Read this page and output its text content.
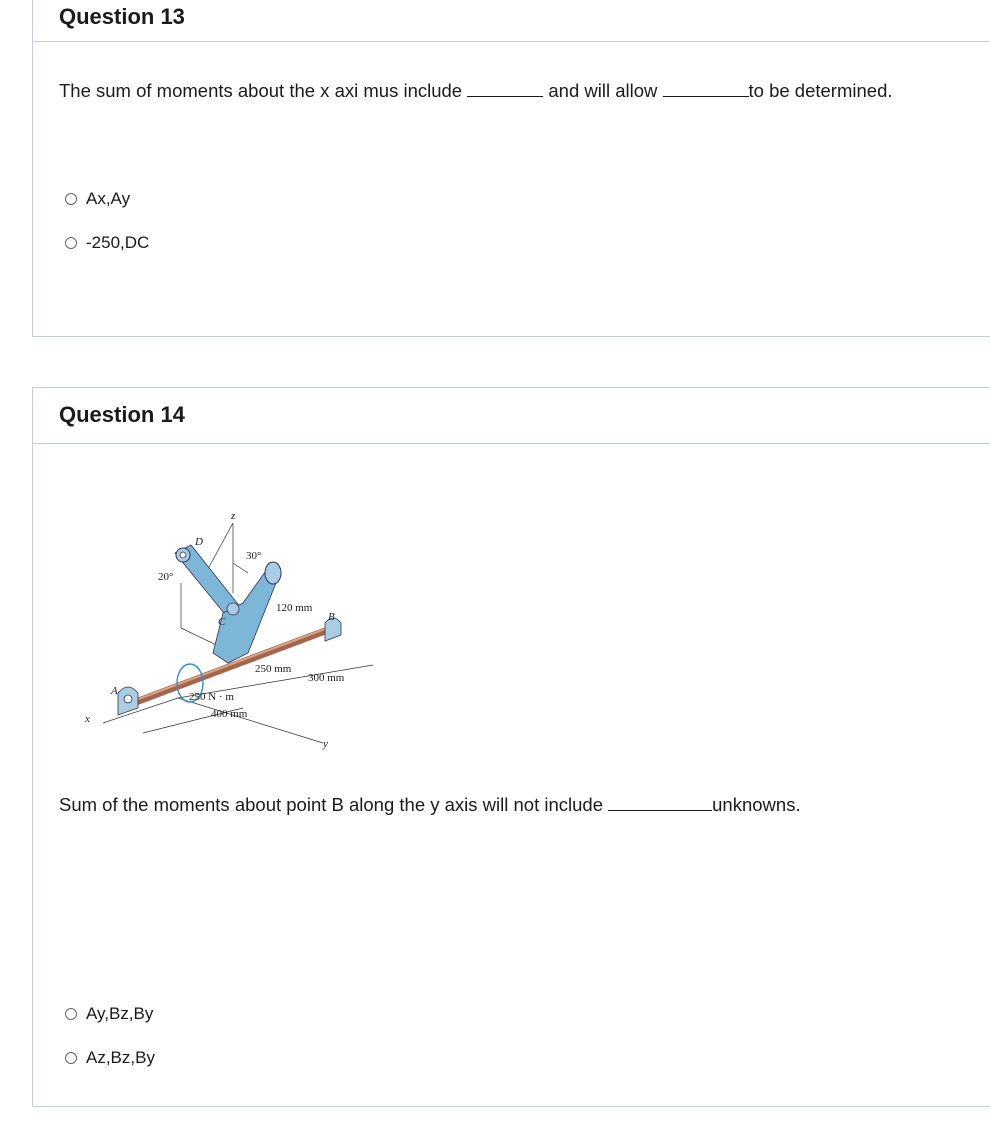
Question 13
The sum of moments about the x axi mus include	and will allow	to be determined.
Ax,Ay
-250,DC
Question 14
z
D
30°
20°
120 mm
C	B
250 mm
300 mm
A	250 N · m
400 mm
x
y
Sum of the moments about point B along the y axis will not include	unknowns.
Ay,Bz,By
Az,Bz,By
